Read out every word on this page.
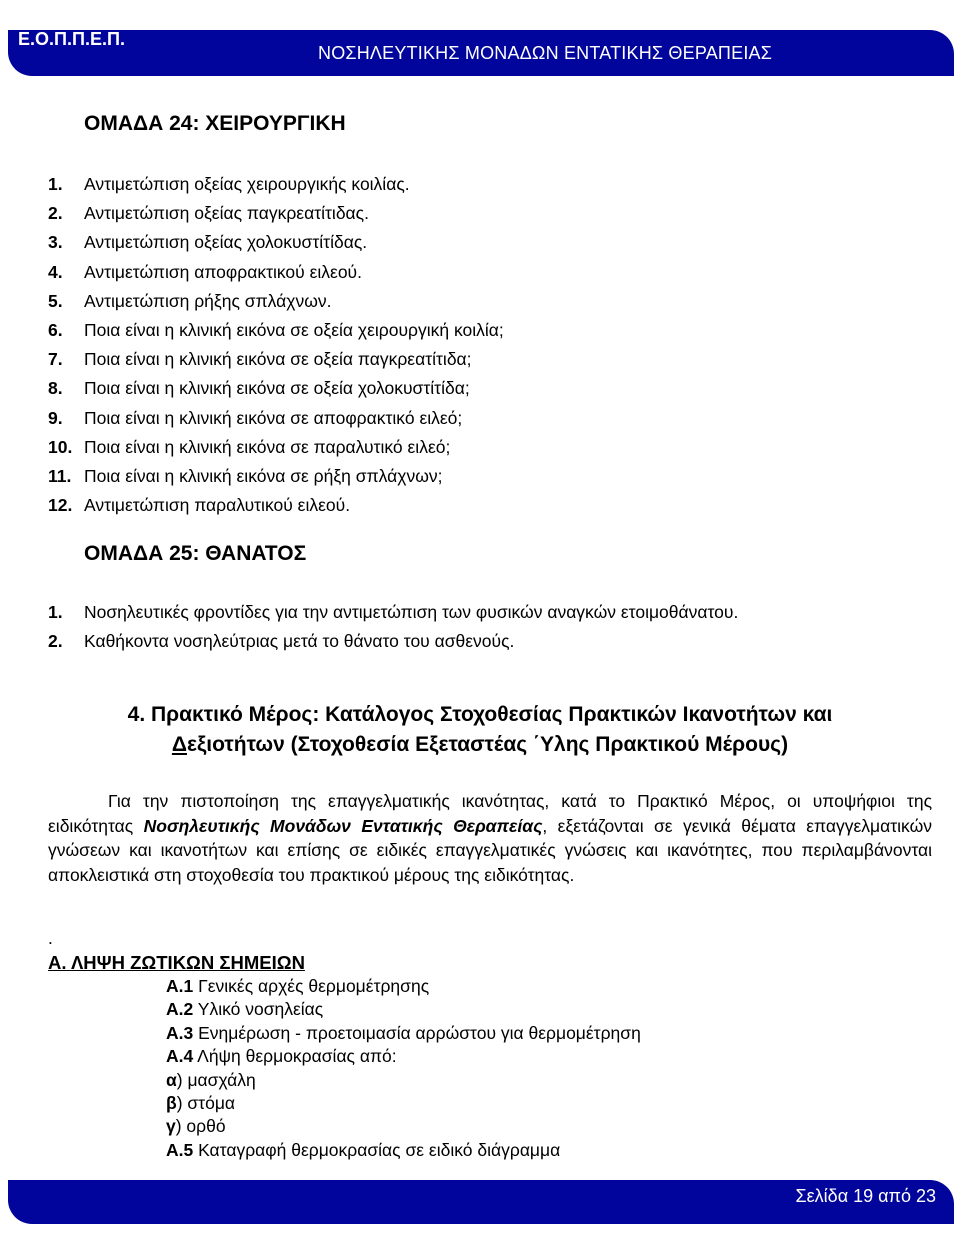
Ε.Ο.Π.Π.Ε.Π.
ΝΟΣΗΛΕΥΤΙΚΗΣ ΜΟΝΑΔΩΝ ΕΝΤΑΤΙΚΗΣ ΘΕΡΑΠΕΙΑΣ
ΟΜΑΔΑ 24: ΧΕΙΡΟΥΡΓΙΚΗ
1. Αντιμετώπιση οξείας χειρουργικής κοιλίας.
2. Αντιμετώπιση οξείας παγκρεατίτιδας.
3. Αντιμετώπιση οξείας χολοκυστίτίδας.
4. Αντιμετώπιση αποφρακτικού ειλεού.
5. Αντιμετώπιση ρήξης σπλάχνων.
6. Ποια είναι η κλινική εικόνα σε οξεία χειρουργική κοιλία;
7. Ποια είναι η κλινική εικόνα σε οξεία παγκρεατίτιδα;
8. Ποια είναι η κλινική εικόνα σε οξεία χολοκυστίτίδα;
9. Ποια είναι η κλινική εικόνα σε αποφρακτικό ειλεό;
10. Ποια είναι η κλινική εικόνα σε παραλυτικό ειλεό;
11. Ποια είναι η κλινική εικόνα σε ρήξη σπλάχνων;
12. Αντιμετώπιση παραλυτικού ειλεού.
ΟΜΑΔΑ 25: ΘΑΝΑΤΟΣ
1. Νοσηλευτικές φροντίδες για την αντιμετώπιση των φυσικών αναγκών ετοιμοθάνατου.
2. Καθήκοντα νοσηλεύτριας μετά το θάνατο του ασθενούς.
4. Πρακτικό Μέρος: Κατάλογος Στοχοθεσίας Πρακτικών Ικανοτήτων και
Δεξιοτήτων (Στοχοθεσία Εξεταστέας ΄Υλης Πρακτικού Μέρους)
Για την πιστοποίηση της επαγγελματικής ικανότητας, κατά το Πρακτικό Μέρος, οι υποψήφιοι της ειδικότητας Νοσηλευτικής Μονάδων Εντατικής Θεραπείας, εξετάζονται σε γενικά θέματα επαγγελματικών γνώσεων και ικανοτήτων και επίσης σε ειδικές επαγγελματικές γνώσεις και ικανότητες, που περιλαμβάνονται αποκλειστικά στη στοχοθεσία του πρακτικού μέρους της ειδικότητας.
.
Α. ΛΗΨΗ ΖΩΤΙΚΩΝ ΣΗΜΕΙΩΝ
Α.1 Γενικές αρχές θερμομέτρησης
Α.2 Υλικό νοσηλείας
Α.3 Ενημέρωση - προετοιμασία αρρώστου για θερμομέτρηση
Α.4 Λήψη θερμοκρασίας από:
α) μασχάλη
β) στόμα
γ) ορθό
Α.5 Καταγραφή θερμοκρασίας σε ειδικό διάγραμμα
Σελίδα 19 από 23
